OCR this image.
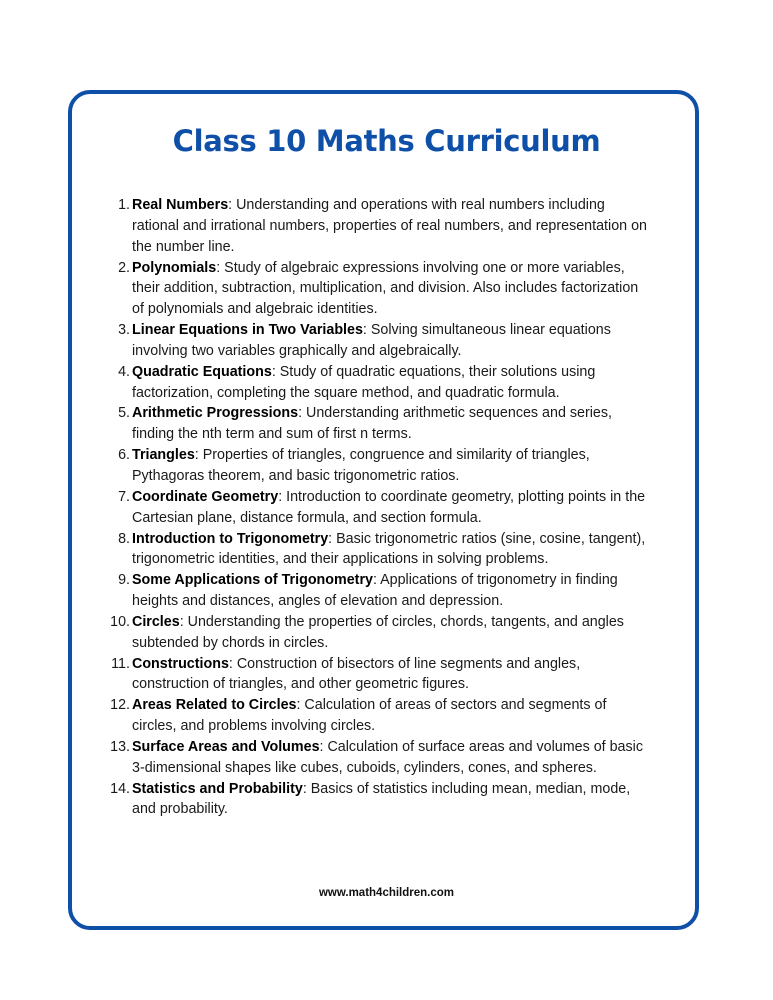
Class 10 Maths Curriculum
1. Real Numbers: Understanding and operations with real numbers including rational and irrational numbers, properties of real numbers, and representation on the number line.
2. Polynomials: Study of algebraic expressions involving one or more variables, their addition, subtraction, multiplication, and division. Also includes factorization of polynomials and algebraic identities.
3. Linear Equations in Two Variables: Solving simultaneous linear equations involving two variables graphically and algebraically.
4. Quadratic Equations: Study of quadratic equations, their solutions using factorization, completing the square method, and quadratic formula.
5. Arithmetic Progressions: Understanding arithmetic sequences and series, finding the nth term and sum of first n terms.
6. Triangles: Properties of triangles, congruence and similarity of triangles, Pythagoras theorem, and basic trigonometric ratios.
7. Coordinate Geometry: Introduction to coordinate geometry, plotting points in the Cartesian plane, distance formula, and section formula.
8. Introduction to Trigonometry: Basic trigonometric ratios (sine, cosine, tangent), trigonometric identities, and their applications in solving problems.
9. Some Applications of Trigonometry: Applications of trigonometry in finding heights and distances, angles of elevation and depression.
10. Circles: Understanding the properties of circles, chords, tangents, and angles subtended by chords in circles.
11. Constructions: Construction of bisectors of line segments and angles, construction of triangles, and other geometric figures.
12. Areas Related to Circles: Calculation of areas of sectors and segments of circles, and problems involving circles.
13. Surface Areas and Volumes: Calculation of surface areas and volumes of basic 3-dimensional shapes like cubes, cuboids, cylinders, cones, and spheres.
14. Statistics and Probability: Basics of statistics including mean, median, mode, and probability.
www.math4children.com
